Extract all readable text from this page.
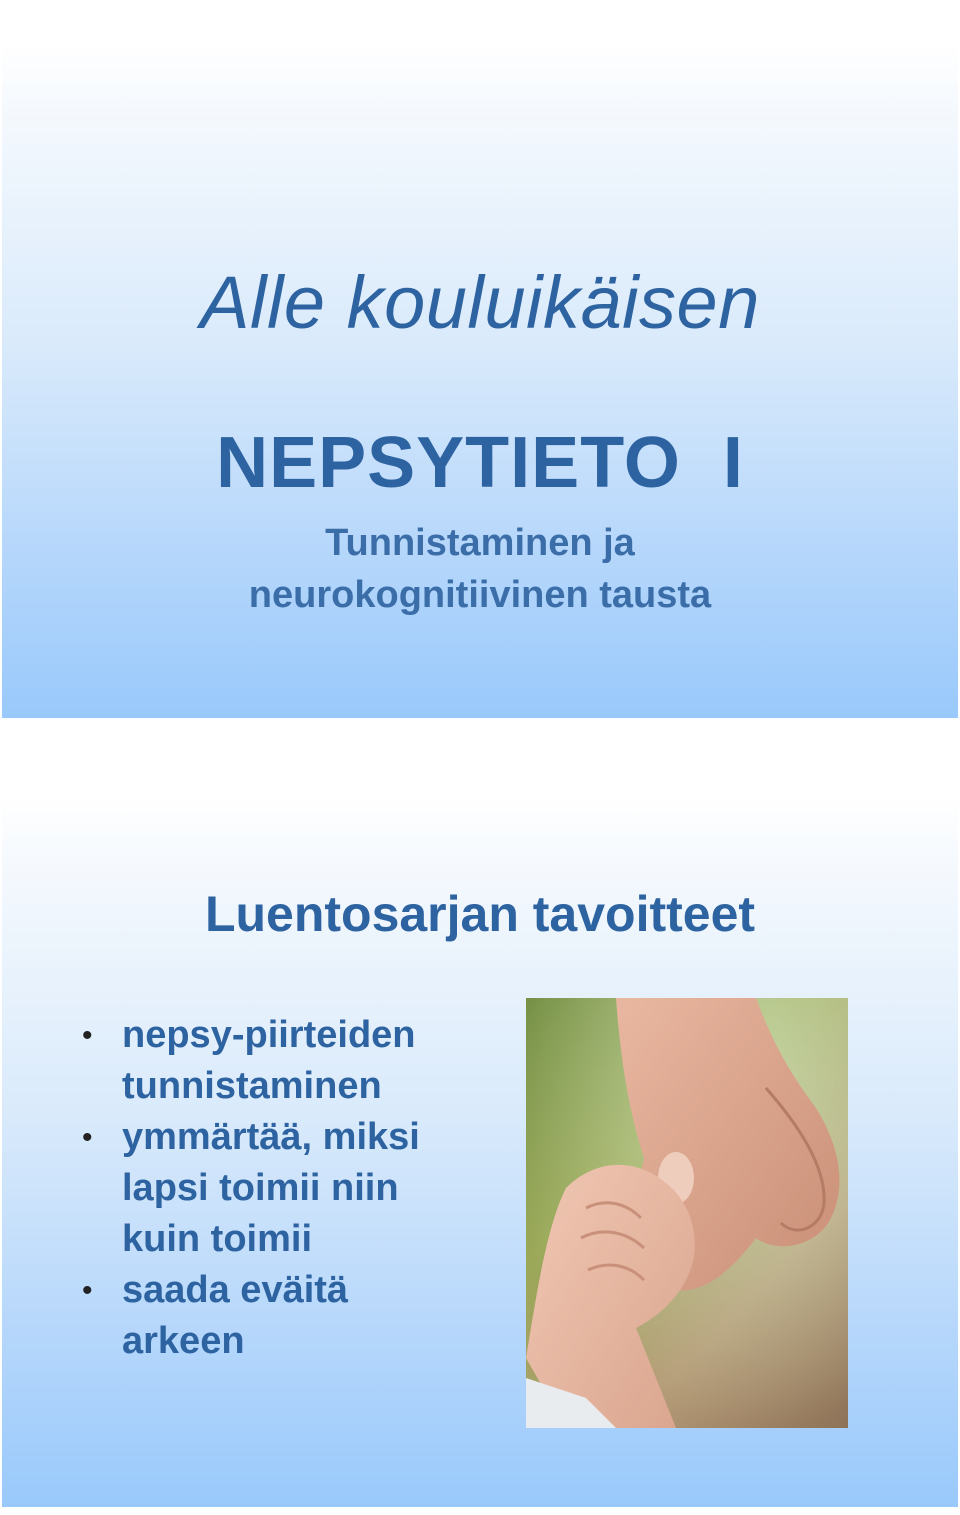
Alle kouluikäisen
NEPSYTIETO  I
Tunnistaminen ja
neurokognitiivinen tausta
Luentosarjan tavoitteet
• nepsy-piirteiden
tunnistaminen
• ymmärtää, miksi
lapsi toimii niin
kuin toimii
• saada eväitä
arkeen
